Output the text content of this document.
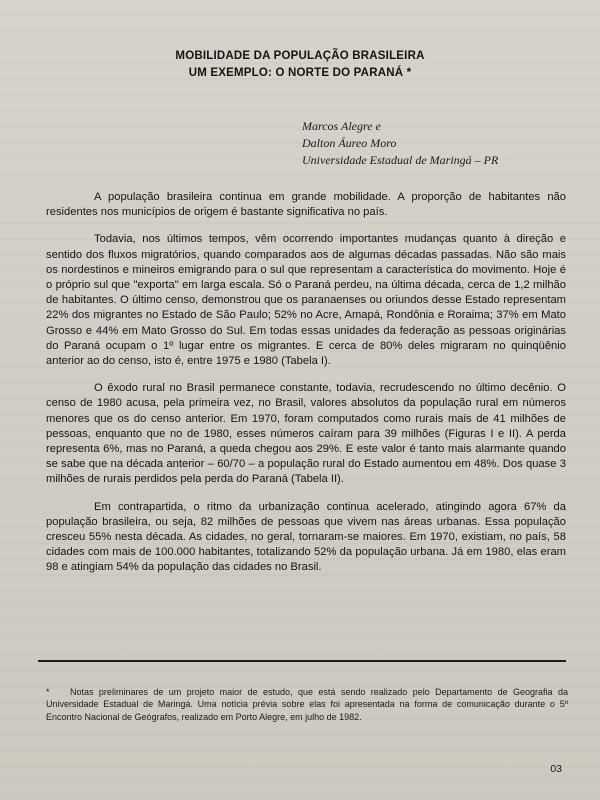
MOBILIDADE DA POPULAÇÃO BRASILEIRA
UM EXEMPLO: O NORTE DO PARANÁ *
Marcos Alegre e
Dalton Áureo Moro
Universidade Estadual de Maringá – PR

A população brasileira continua em grande mobilidade. A proporção de habitantes não residentes nos municípios de origem é bastante significativa no país.

Todavia, nos últimos tempos, vêm ocorrendo importantes mudanças quanto à direção e sentido dos fluxos migratórios, quando comparados aos de algumas décadas passadas. Não são mais os nordestinos e mineiros emigrando para o sul que representam a característica do movimento. Hoje é o próprio sul que "exporta" em larga escala. Só o Paraná perdeu, na última década, cerca de 1,2 milhão de habitantes. O último censo, demonstrou que os paranaenses ou oriundos desse Estado representam 22% dos migrantes no Estado de São Paulo; 52% no Acre, Amapá, Rondônia e Roraima; 37% em Mato Grosso e 44% em Mato Grosso do Sul. Em todas essas unidades da federação as pessoas originárias do Paraná ocupam o 1º lugar entre os migrantes. E cerca de 80% deles migraram no quinqüênio anterior ao do censo, isto é, entre 1975 e 1980 (Tabela I).

O êxodo rural no Brasil permanece constante, todavia, recrudescendo no último decênio. O censo de 1980 acusa, pela primeira vez, no Brasil, valores absolutos da população rural em números menores que os do censo anterior. Em 1970, foram computados como rurais mais de 41 milhões de pessoas, enquanto que no de 1980, esses números caíram para 39 milhões (Figuras I e II). A perda representa 6%, mas no Paraná, a queda chegou aos 29%. E este valor é tanto mais alarmante quando se sabe que na década anterior – 60/70 – a população rural do Estado aumentou em 48%. Dos quase 3 milhões de rurais perdidos pela perda do Paraná (Tabela II).

Em contrapartida, o ritmo da urbanização continua acelerado, atingindo agora 67% da população brasileira, ou seja, 82 milhões de pessoas que vivem nas áreas urbanas. Essa população cresceu 55% nesta década. As cidades, no geral, tornaram-se maiores. Em 1970, existiam, no país, 58 cidades com mais de 100.000 habitantes, totalizando 52% da população urbana. Já em 1980, elas eram 98 e atingiam 54% da população das cidades no Brasil.

* Notas preliminares de um projeto maior de estudo, que está sendo realizado pelo Departamento de Geografia da Universidade Estadual de Maringá. Uma notícia prévia sobre elas foi apresentada na forma de comunicação durante o 5º Encontro Nacional de Geógrafos, realizado em Porto Alegre, em julho de 1982.
03
